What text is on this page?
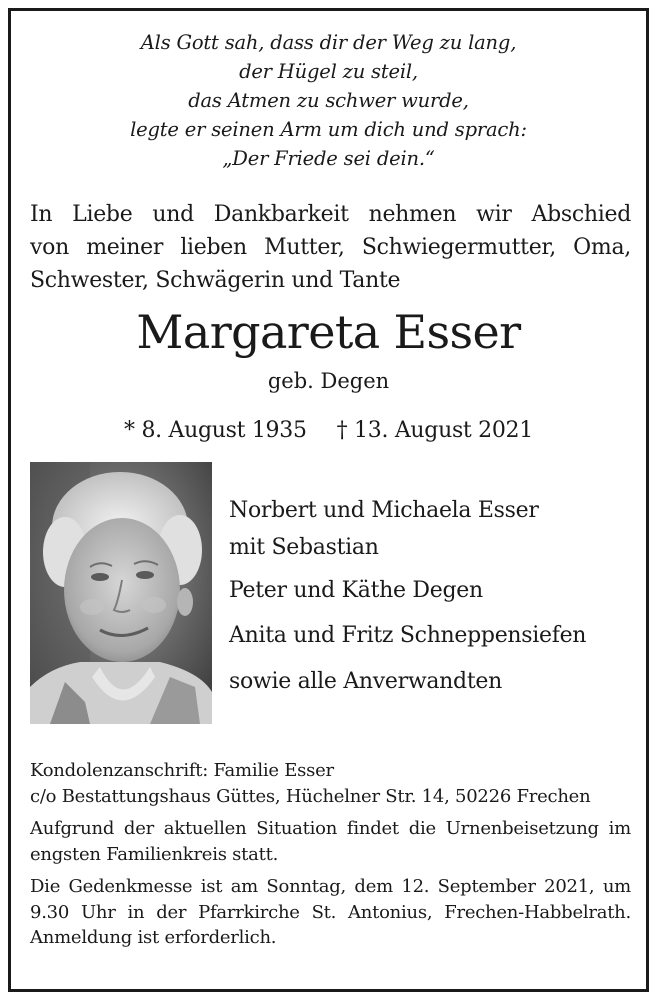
Als Gott sah, dass dir der Weg zu lang,
der Hügel zu steil,
das Atmen zu schwer wurde,
legte er seinen Arm um dich und sprach:
„Der Friede sei dein.“
In Liebe und Dankbarkeit nehmen wir Abschied
von meiner lieben Mutter, Schwiegermutter, Oma,
Schwester, Schwägerin und Tante
Margareta Esser
geb. Degen
* 8. August 1935 † 13. August 2021
Norbert und Michaela Esser
mit Sebastian
Peter und Käthe Degen
Anita und Fritz Schneppensiefen
sowie alle Anverwandten
Kondolenzanschrift: Familie Esser
c/o Bestattungshaus Güttes, Hüchelner Str. 14, 50226 Frechen
Aufgrund der aktuellen Situation findet die Urnenbeisetzung im
engsten Familienkreis statt.
Die Gedenkmesse ist am Sonntag, dem 12. September 2021, um
9.30 Uhr in der Pfarrkirche St. Antonius, Frechen-Habbelrath.
Anmeldung ist erforderlich.
